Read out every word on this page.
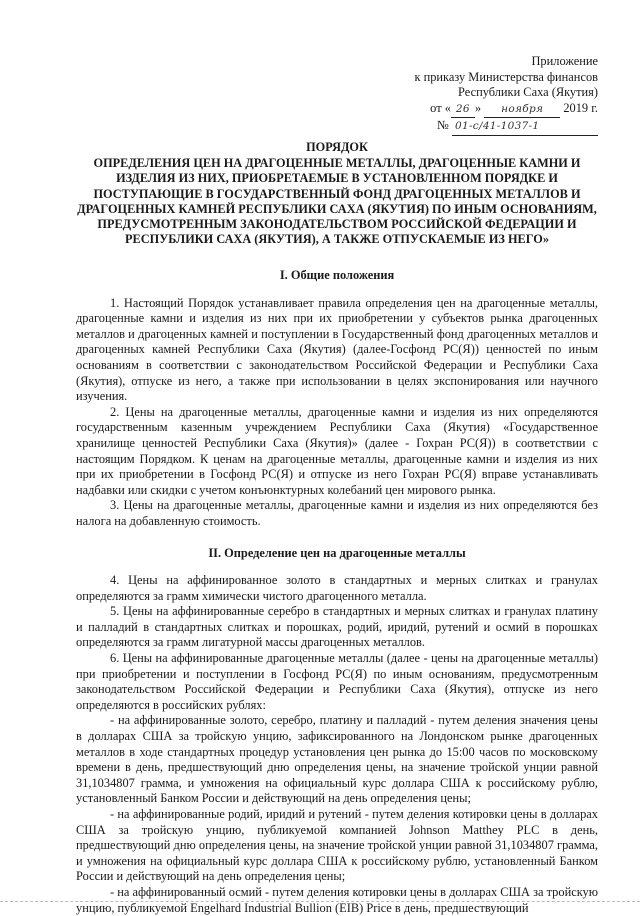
Приложение
к приказу Министерства финансов
Республики Саха (Якутия)
от « 26 » ноября 2019 г.
№ 01-с/41-1037-1
ПОРЯДОК
ОПРЕДЕЛЕНИЯ ЦЕН НА ДРАГОЦЕННЫЕ МЕТАЛЛЫ, ДРАГОЦЕННЫЕ КАМНИ И ИЗДЕЛИЯ ИЗ НИХ, ПРИОБРЕТАЕМЫЕ В УСТАНОВЛЕННОМ ПОРЯДКЕ И ПОСТУПАЮЩИЕ В ГОСУДАРСТВЕННЫЙ ФОНД ДРАГОЦЕННЫХ МЕТАЛЛОВ И ДРАГОЦЕННЫХ КАМНЕЙ РЕСПУБЛИКИ САХА (ЯКУТИЯ) ПО ИНЫМ ОСНОВАНИЯМ, ПРЕДУСМОТРЕННЫМ ЗАКОНОДАТЕЛЬСТВОМ РОССИЙСКОЙ ФЕДЕРАЦИИ И РЕСПУБЛИКИ САХА (ЯКУТИЯ), А ТАКЖЕ ОТПУСКАЕМЫЕ ИЗ НЕГО»
I. Общие положения

1. Настоящий Порядок устанавливает правила определения цен на драгоценные металлы, драгоценные камни и изделия из них при их приобретении у субъектов рынка драгоценных металлов и драгоценных камней и поступлении в Государственный фонд драгоценных металлов и драгоценных камней Республики Саха (Якутия) (далее-Госфонд РС(Я)) ценностей по иным основаниям в соответствии с законодательством Российской Федерации и Республики Саха (Якутия), отпуске из него, а также при использовании в целях экспонирования или научного изучения.

2. Цены на драгоценные металлы, драгоценные камни и изделия из них определяются государственным казенным учреждением Республики Саха (Якутия) «Государственное хранилище ценностей Республики Саха (Якутия)» (далее - Гохран РС(Я)) в соответствии с настоящим Порядком. К ценам на драгоценные металлы, драгоценные камни и изделия из них при их приобретении в Госфонд РС(Я) и отпуске из него Гохран РС(Я) вправе устанавливать надбавки или скидки с учетом конъюнктурных колебаний цен мирового рынка.

3. Цены на драгоценные металлы, драгоценные камни и изделия из них определяются без налога на добавленную стоимость.

II. Определение цен на драгоценные металлы

4. Цены на аффинированное золото в стандартных и мерных слитках и гранулах определяются за грамм химически чистого драгоценного металла.

5. Цены на аффинированные серебро в стандартных и мерных слитках и гранулах платину и палладий в стандартных слитках и порошках, родий, иридий, рутений и осмий в порошках определяются за грамм лигатурной массы драгоценных металлов.

6. Цены на аффинированные драгоценные металлы (далее - цены на драгоценные металлы) при приобретении и поступлении в Госфонд РС(Я) по иным основаниям, предусмотренным законодательством Российской Федерации и Республики Саха (Якутия), отпуске из него определяются в российских рублях:

- на аффинированные золото, серебро, платину и палладий - путем деления значения цены в долларах США за тройскую унцию, зафиксированного на Лондонском рынке драгоценных металлов в ходе стандартных процедур установления цен рынка до 15:00 часов по московскому времени в день, предшествующий дню определения цены, на значение тройской унции равной 31,1034807 грамма, и умножения на официальный курс доллара США к российскому рублю, установленный Банком России и действующий на день определения цены;

- на аффинированные родий, иридий и рутений - путем деления котировки цены в долларах США за тройскую унцию, публикуемой компанией Johnson Matthey PLC в день, предшествующий дню определения цены, на значение тройской унции равной 31,1034807 грамма, и умножения на официальный курс доллара США к российскому рублю, установленный Банком России и действующий на день определения цены;

- на аффинированный осмий - путем деления котировки цены в долларах США за тройскую унцию, публикуемой Engelhard Industrial Bullion (EIB) Price в день, предшествующий
